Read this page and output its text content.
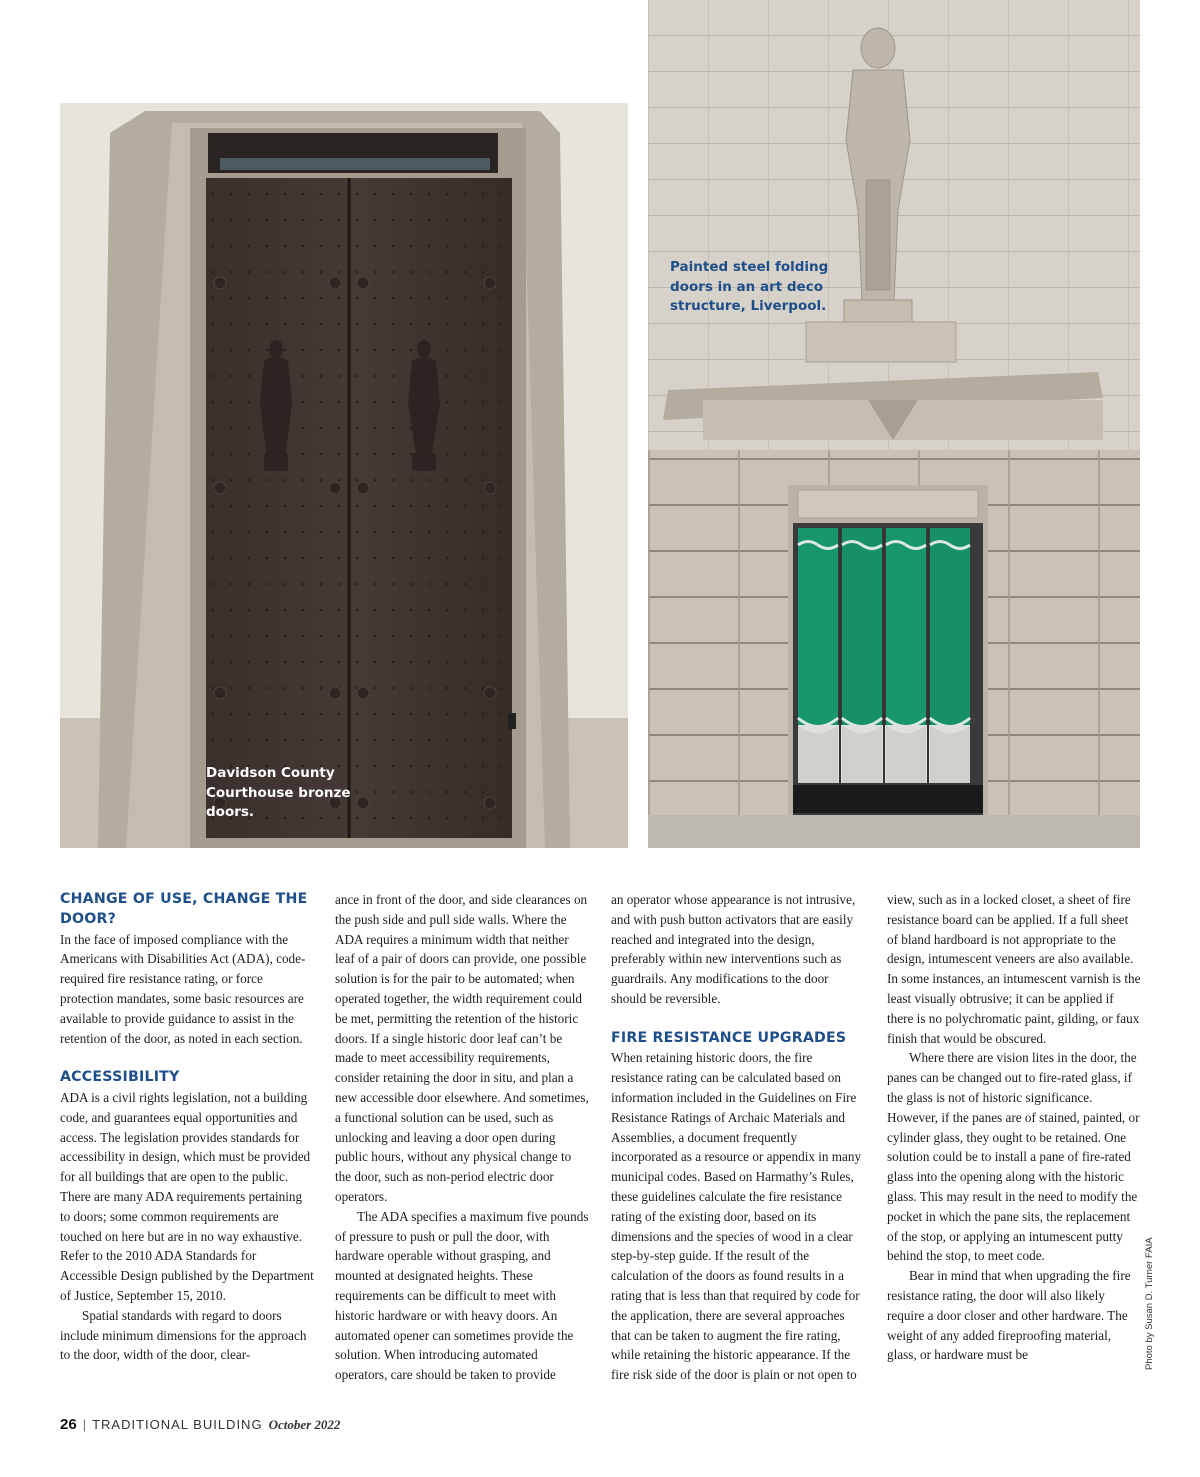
Davidson County
Courthouse bronze
doors.
Painted steel folding
doors in an art deco
structure, Liverpool.
CHANGE OF USE, CHANGE THE DOOR?

In the face of imposed compliance with the Americans with Disabilities Act (ADA), code-required fire resistance rating, or force protection mandates, some basic resources are available to provide guidance to assist in the retention of the door, as noted in each section.

ACCESSIBILITY

ADA is a civil rights legislation, not a building code, and guarantees equal opportunities and access. The legislation provides standards for accessibility in design, which must be provided for all buildings that are open to the public. There are many ADA requirements pertaining to doors; some common requirements are touched on here but are in no way exhaustive. Refer to the 2010 ADA Standards for Accessible Design published by the Department of Justice, September 15, 2010.

Spatial standards with regard to doors include minimum dimensions for the approach to the door, width of the door, clear-

ance in front of the door, and side clearances on the push side and pull side walls. Where the ADA requires a minimum width that neither leaf of a pair of doors can provide, one possible solution is for the pair to be automated; when operated together, the width requirement could be met, permitting the retention of the historic doors. If a single historic door leaf can’t be made to meet accessibility requirements, consider retaining the door in situ, and plan a new accessible door elsewhere. And sometimes, a functional solution can be used, such as unlocking and leaving a door open during public hours, without any physical change to the door, such as non-period electric door operators.

The ADA specifies a maximum five pounds of pressure to push or pull the door, with hardware operable without grasping, and mounted at designated heights. These requirements can be difficult to meet with historic hardware or with heavy doors. An automated opener can sometimes provide the solution. When introducing automated operators, care should be taken to provide

an operator whose appearance is not intrusive, and with push button activators that are easily reached and integrated into the design, preferably within new interventions such as guardrails. Any modifications to the door should be reversible.

FIRE RESISTANCE UPGRADES

When retaining historic doors, the fire resistance rating can be calculated based on information included in the Guidelines on Fire Resistance Ratings of Archaic Materials and Assemblies, a document frequently incorporated as a resource or appendix in many municipal codes. Based on Harmathy’s Rules, these guidelines calculate the fire resistance rating of the existing door, based on its dimensions and the species of wood in a clear step-by-step guide. If the result of the calculation of the doors as found results in a rating that is less than that required by code for the application, there are several approaches that can be taken to augment the fire rating, while retaining the historic appearance. If the fire risk side of the door is plain or not open to

view, such as in a locked closet, a sheet of fire resistance board can be applied. If a full sheet of bland hardboard is not appropriate to the design, intumescent veneers are also available. In some instances, an intumescent varnish is the least visually obtrusive; it can be applied if there is no polychromatic paint, gilding, or faux finish that would be obscured.

Where there are vision lites in the door, the panes can be changed out to fire-rated glass, if the glass is not of historic significance. However, if the panes are of stained, painted, or cylinder glass, they ought to be retained. One solution could be to install a pane of fire-rated glass into the opening along with the historic glass. This may result in the need to modify the pocket in which the pane sits, the replacement of the stop, or applying an intumescent putty behind the stop, to meet code.

Bear in mind that when upgrading the fire resistance rating, the door will also likely require a door closer and other hardware. The weight of any added fireproofing material, glass, or hardware must be	Photo by Susan D. Turner FAIA
26 | TRADITIONAL BUILDING October 2022
